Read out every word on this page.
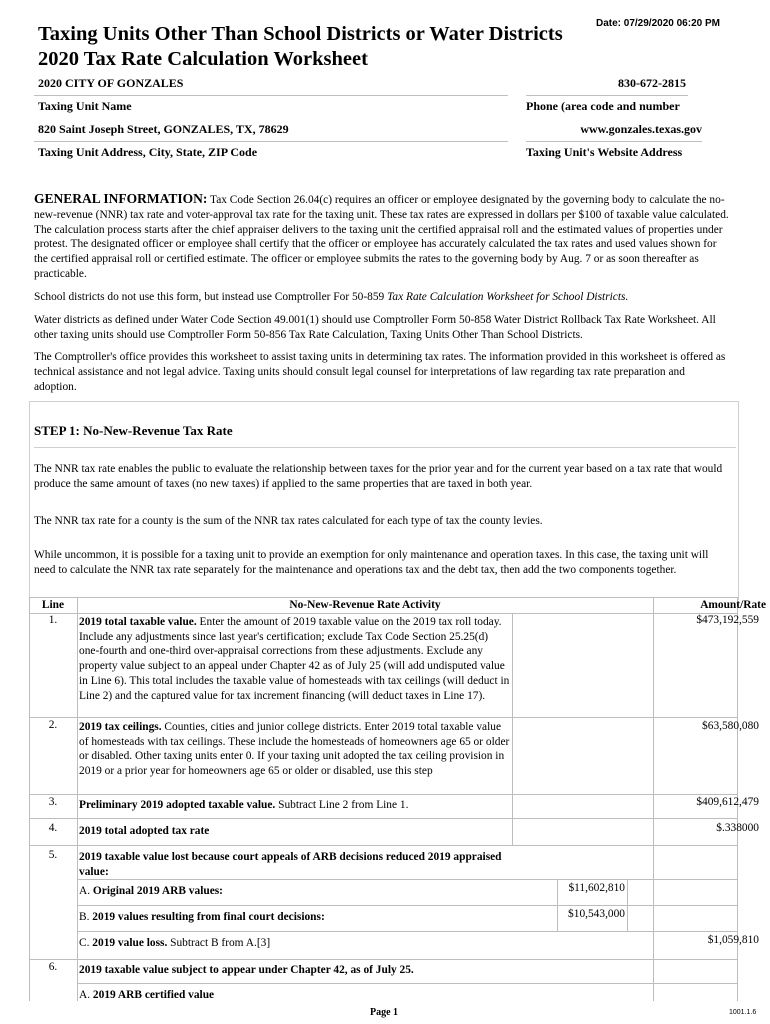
Taxing Units Other Than School Districts or Water Districts
2020 Tax Rate Calculation Worksheet
Date: 07/29/2020 06:20 PM
2020 CITY OF GONZALES
Taxing Unit Name
830-672-2815
Phone (area code and number
820 Saint Joseph Street, GONZALES, TX, 78629
Taxing Unit Address, City, State, ZIP Code
www.gonzales.texas.gov
Taxing Unit's Website Address
GENERAL INFORMATION: Tax Code Section 26.04(c) requires an officer or employee designated by the governing body to calculate the no-new-revenue (NNR) tax rate and voter-approval tax rate for the taxing unit. These tax rates are expressed in dollars per $100 of taxable value calculated. The calculation process starts after the chief appraiser delivers to the taxing unit the certified appraisal roll and the estimated values of properties under protest. The designated officer or employee shall certify that the officer or employee has accurately calculated the tax rates and used values shown for the certified appraisal roll or certified estimate. The officer or employee submits the rates to the governing body by Aug. 7 or as soon thereafter as practicable.
School districts do not use this form, but instead use Comptroller For 50-859 Tax Rate Calculation Worksheet for School Districts.
Water districts as defined under Water Code Section 49.001(1) should use Comptroller Form 50-858 Water District Rollback Tax Rate Worksheet. All other taxing units should use Comptroller Form 50-856 Tax Rate Calculation, Taxing Units Other Than School Districts.
The Comptroller's office provides this worksheet to assist taxing units in determining tax rates. The information provided in this worksheet is offered as technical assistance and not legal advice. Taxing units should consult legal counsel for interpretations of law regarding tax rate preparation and adoption.
STEP 1: No-New-Revenue Tax Rate
The NNR tax rate enables the public to evaluate the relationship between taxes for the prior year and for the current year based on a tax rate that would produce the same amount of taxes (no new taxes) if applied to the same properties that are taxed in both year.
The NNR tax rate for a county is the sum of the NNR tax rates calculated for each type of tax the county levies.
While uncommon, it is possible for a taxing unit to provide an exemption for only maintenance and operation taxes. In this case, the taxing unit will need to calculate the NNR tax rate separately for the maintenance and operations tax and the debt tax, then add the two components together.
Line	No-New-Revenue Rate Activity	Amount/Rate
1.	2019 total taxable value. Enter the amount of 2019 taxable value on the 2019 tax roll today. Include any adjustments since last year's certification; exclude Tax Code Section 25.25(d) one-fourth and one-third over-appraisal corrections from these adjustments. Exclude any property value subject to an appeal under Chapter 42 as of July 25 (will add undisputed value in Line 6). This total includes the taxable value of homesteads with tax ceilings (will deduct in Line 2) and the captured value for tax increment financing (will deduct taxes in Line 17).
$473,192,559
2.	2019 tax ceilings. Counties, cities and junior college districts. Enter 2019 total taxable value of homesteads with tax ceilings. These include the homesteads of homeowners age 65 or older or disabled. Other taxing units enter 0. If your taxing unit adopted the tax ceiling provision in 2019 or a prior year for homeowners age 65 or older or disabled, use this step
$63,580,080
3.	Preliminary 2019 adopted taxable value. Subtract Line 2 from Line 1.	$409,612,479
4.	2019 total adopted tax rate	$.338000
5.	2019 taxable value lost because court appeals of ARB decisions reduced 2019 appraised value:
A. Original 2019 ARB values:	$11,602,810
B. 2019 values resulting from final court decisions:	$10,543,000
C. 2019 value loss. Subtract B from A.[3]	$1,059,810
6.	2019 taxable value subject to appear under Chapter 42, as of July 25.
A. 2019 ARB certified value
Page 1	1001.1.6
